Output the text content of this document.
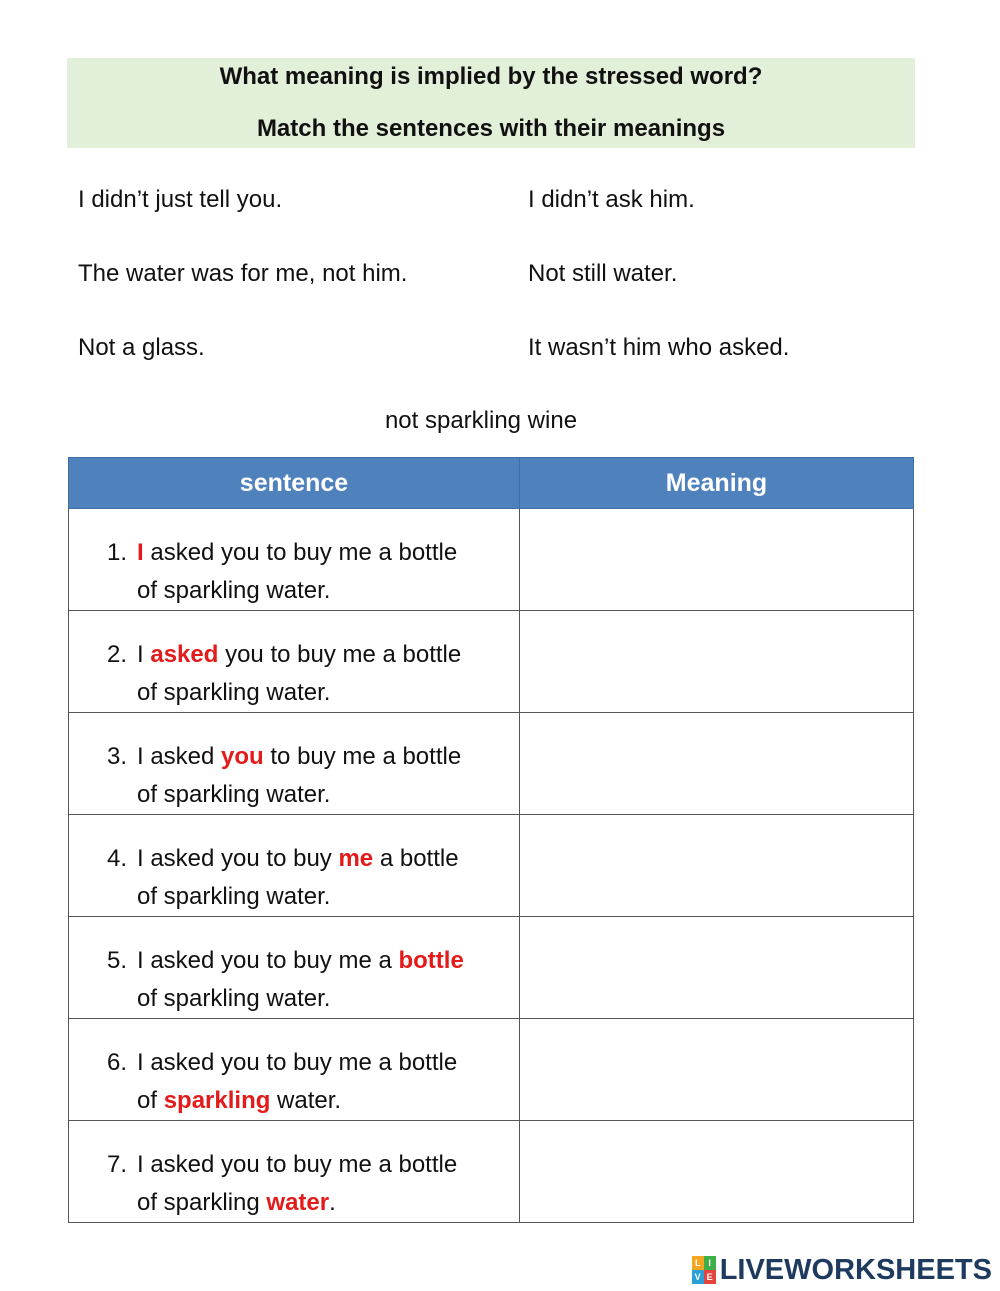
What meaning is implied by the stressed word?
Match the sentences with their meanings
I didn’t just tell you.	I didn’t ask him.
The water was for me, not him.	Not still water.
Not a glass.	It wasn’t him who asked.
not sparkling wine
sentence	Meaning

1. I asked you to buy me a bottle
of sparkling water.	

2. I asked you to buy me a bottle
of sparkling water.	

3. I asked you to buy me a bottle
of sparkling water.	

4. I asked you to buy me a bottle
of sparkling water.	

5. I asked you to buy me a bottle
of sparkling water.	

6. I asked you to buy me a bottle
of sparkling water.	

7. I asked you to buy me a bottle
of sparkling water.	

L I
V E LIVEWORKSHEETS
